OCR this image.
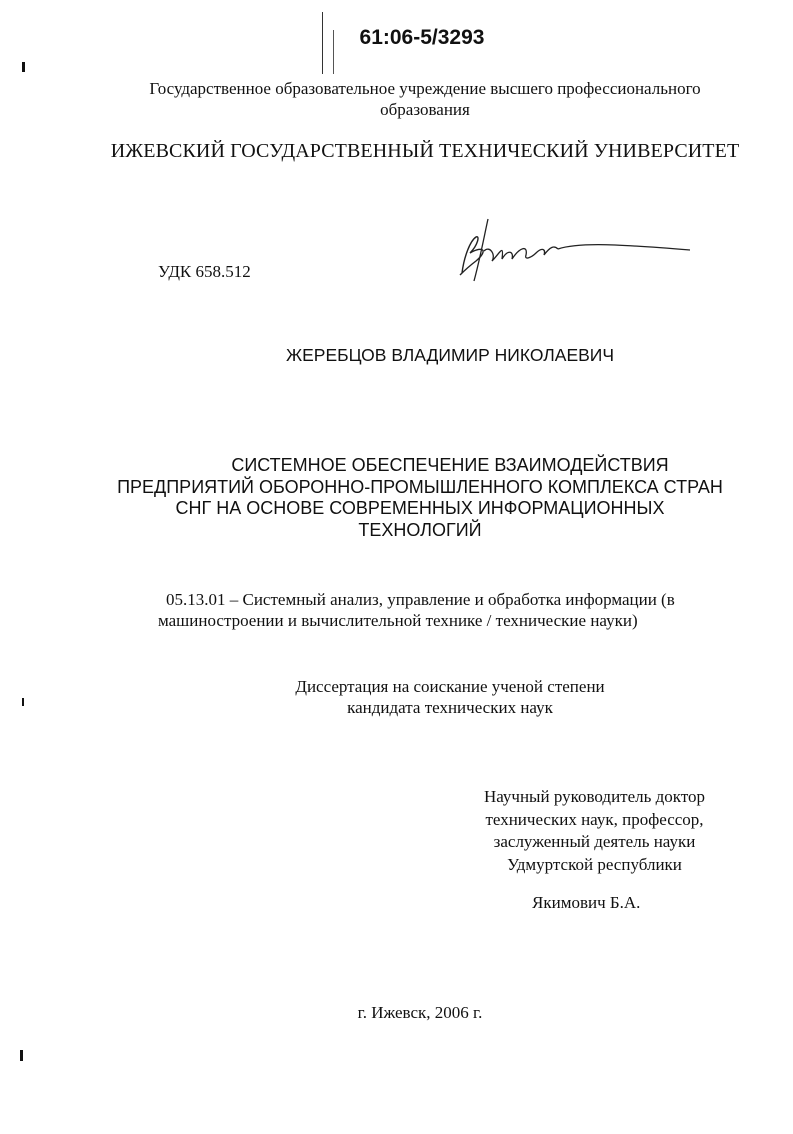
61:06-5/3293
Государственное образовательное учреждение высшего профессионального
образования
ИЖЕВСКИЙ ГОСУДАРСТВЕННЫЙ ТЕХНИЧЕСКИЙ УНИВЕРСИТЕТ
УДК 658.512
ЖЕРЕБЦОВ ВЛАДИМИР НИКОЛАЕВИЧ
СИСТЕМНОЕ ОБЕСПЕЧЕНИЕ ВЗАИМОДЕЙСТВИЯ
ПРЕДПРИЯТИЙ ОБОРОННО-ПРОМЫШЛЕННОГО КОМПЛЕКСА СТРАН
СНГ НА ОСНОВЕ СОВРЕМЕННЫХ ИНФОРМАЦИОННЫХ
ТЕХНОЛОГИЙ
05.13.01 – Системный анализ, управление и обработка информации (в
машиностроении и вычислительной технике / технические науки)
Диссертация на соискание ученой степени
кандидата технических наук
Научный руководитель доктор
технических наук, профессор,
заслуженный деятель науки
Удмуртской республики
Якимович Б.А.
г. Ижевск, 2006 г.
